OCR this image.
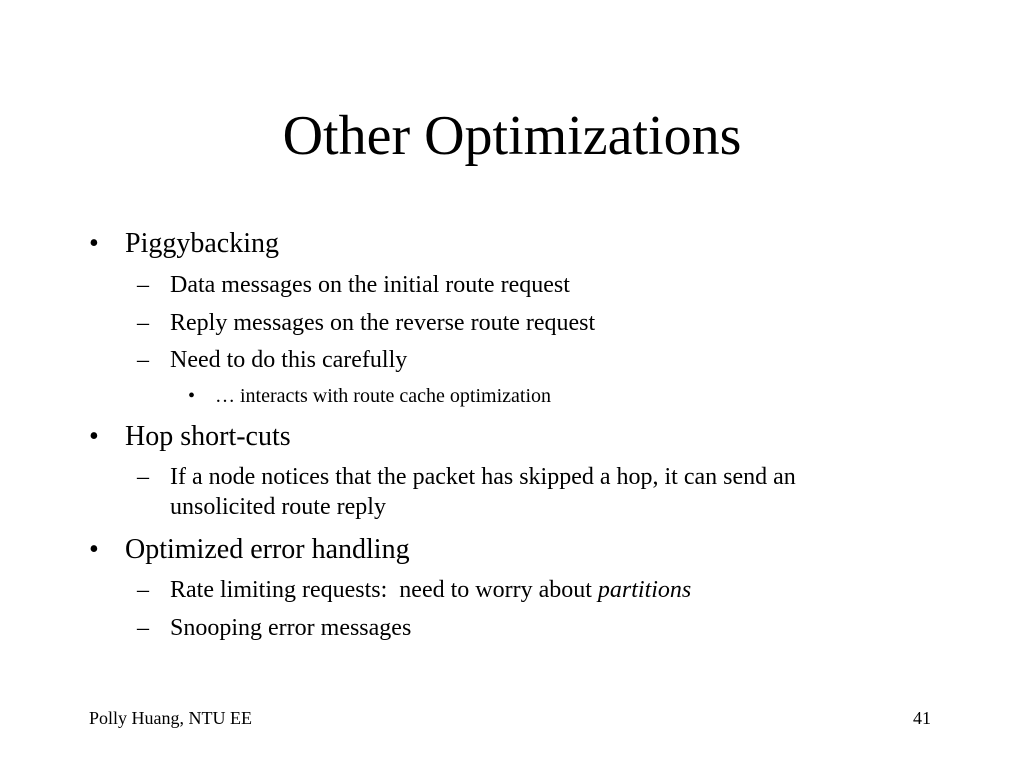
Other Optimizations
• Piggybacking
– Data messages on the initial route request
– Reply messages on the reverse route request
– Need to do this carefully
• … interacts with route cache optimization
• Hop short-cuts
– If a node notices that the packet has skipped a hop, it can send an
unsolicited route reply
• Optimized error handling
– Rate limiting requests:  need to worry about partitions
– Snooping error messages
Polly Huang, NTU EE	41
